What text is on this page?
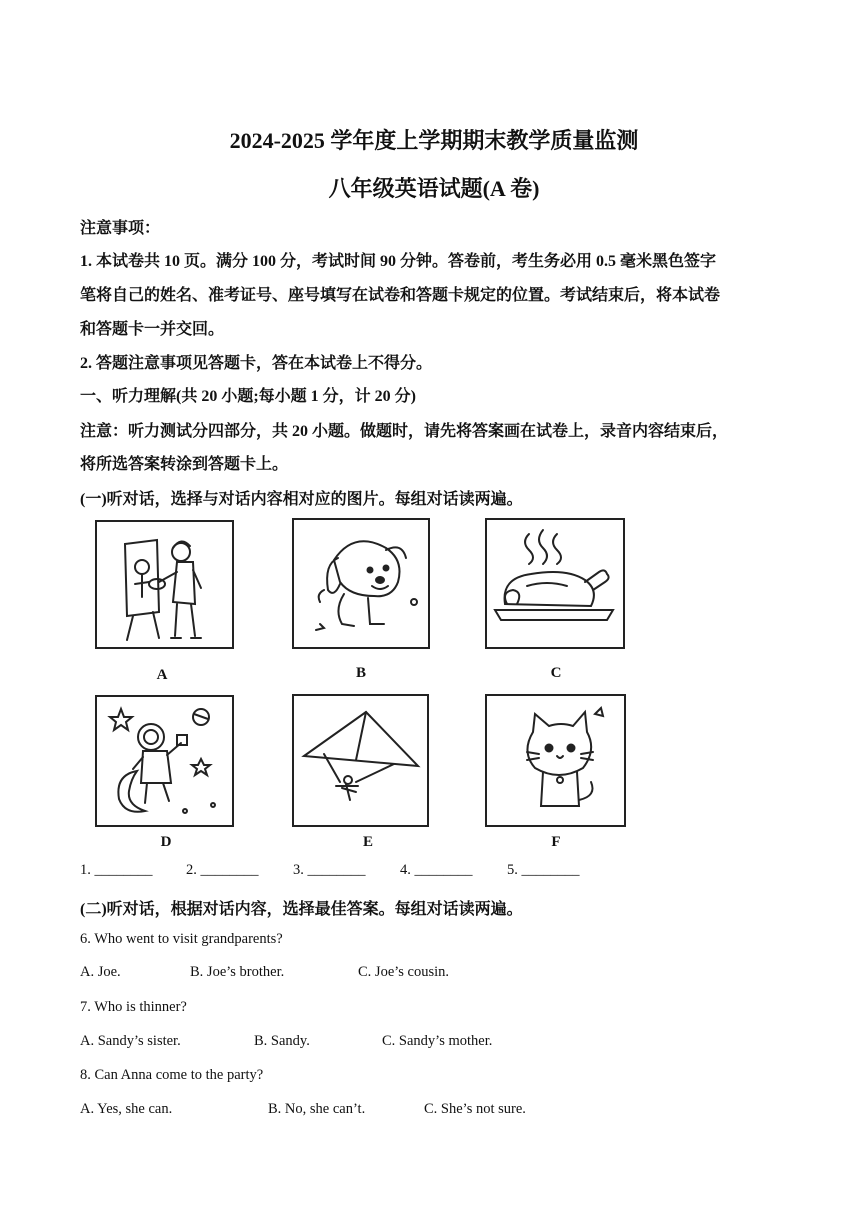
2024-2025 学年度上学期期末教学质量监测
八年级英语试题(A 卷)
注意事项：
1. 本试卷共 10 页。满分 100 分，考试时间 90 分钟。答卷前，考生务必用 0.5 毫米黑色签字
笔将自己的姓名、准考证号、座号填写在试卷和答题卡规定的位置。考试结束后，将本试卷
和答题卡一并交回。
2. 答题注意事项见答题卡，答在本试卷上不得分。
一、听力理解(共 20 小题;每小题 1 分，计 20 分)
注意：听力测试分四部分，共 20 小题。做题时，请先将答案画在试卷上，录音内容结束后，
将所选答案转涂到答题卡上。
(一)听对话，选择与对话内容相对应的图片。每组对话读两遍。
A	B	C
D	E	F
1. ________ 2. ________ 3. ________ 4. ________ 5. ________
(二)听对话，根据对话内容，选择最佳答案。每组对话读两遍。
6. Who went to visit grandparents?
A. Joe.	B. Joe’s brother.	C. Joe’s cousin.
7. Who is thinner?
A. Sandy’s sister.	B. Sandy.	C. Sandy’s mother.
8. Can Anna come to the party?
A. Yes, she can.	B. No, she can’t.	C. She’s not sure.
